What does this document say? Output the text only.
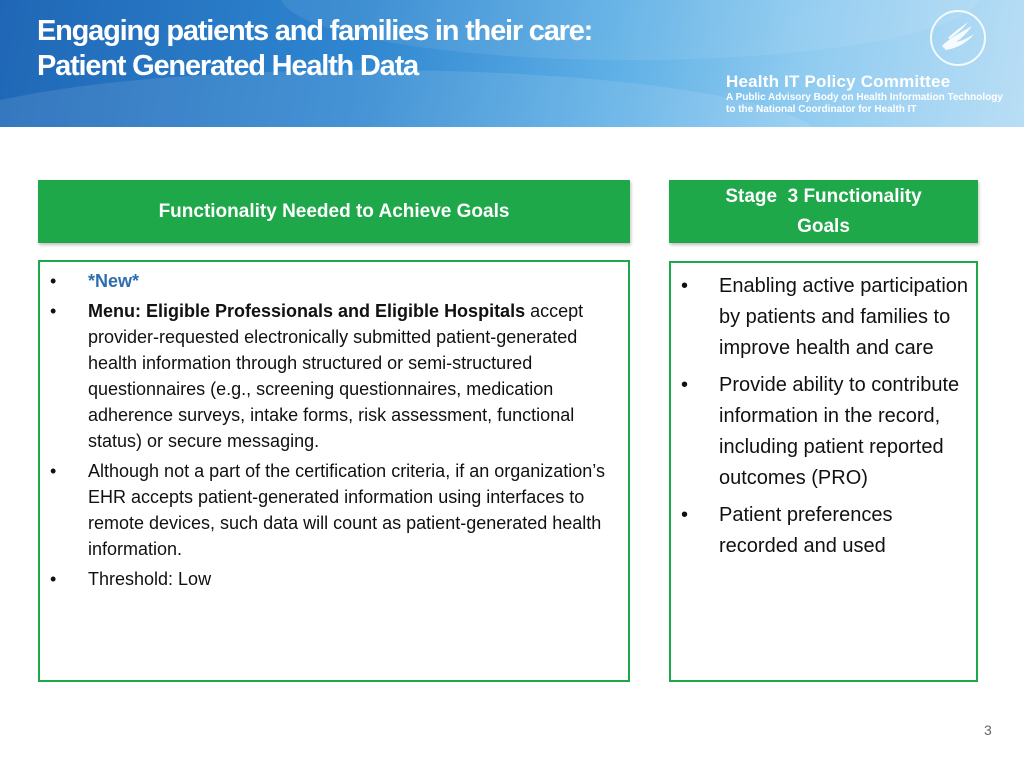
Engaging patients and families in their care:
Patient Generated Health Data	Health IT Policy Committee
A Public Advisory Body on Health Information Technology
to the National Coordinator for Health IT
Functionality Needed to Achieve Goals
Stage  3 Functionality
Goals
• *New*
• Menu: Eligible Professionals and Eligible Hospitals accept provider-requested electronically submitted patient-generated health information through structured or semi-structured questionnaires (e.g., screening questionnaires, medication adherence surveys, intake forms, risk assessment, functional status) or secure messaging.
• Although not a part of the certification criteria, if an organization’s EHR accepts patient-generated information using interfaces to remote devices, such data will count as patient-generated health information.
• Threshold: Low
• Enabling active participation by patients and families to improve health and care
• Provide ability to contribute information in the record, including patient reported outcomes (PRO)
• Patient preferences recorded and used
3
